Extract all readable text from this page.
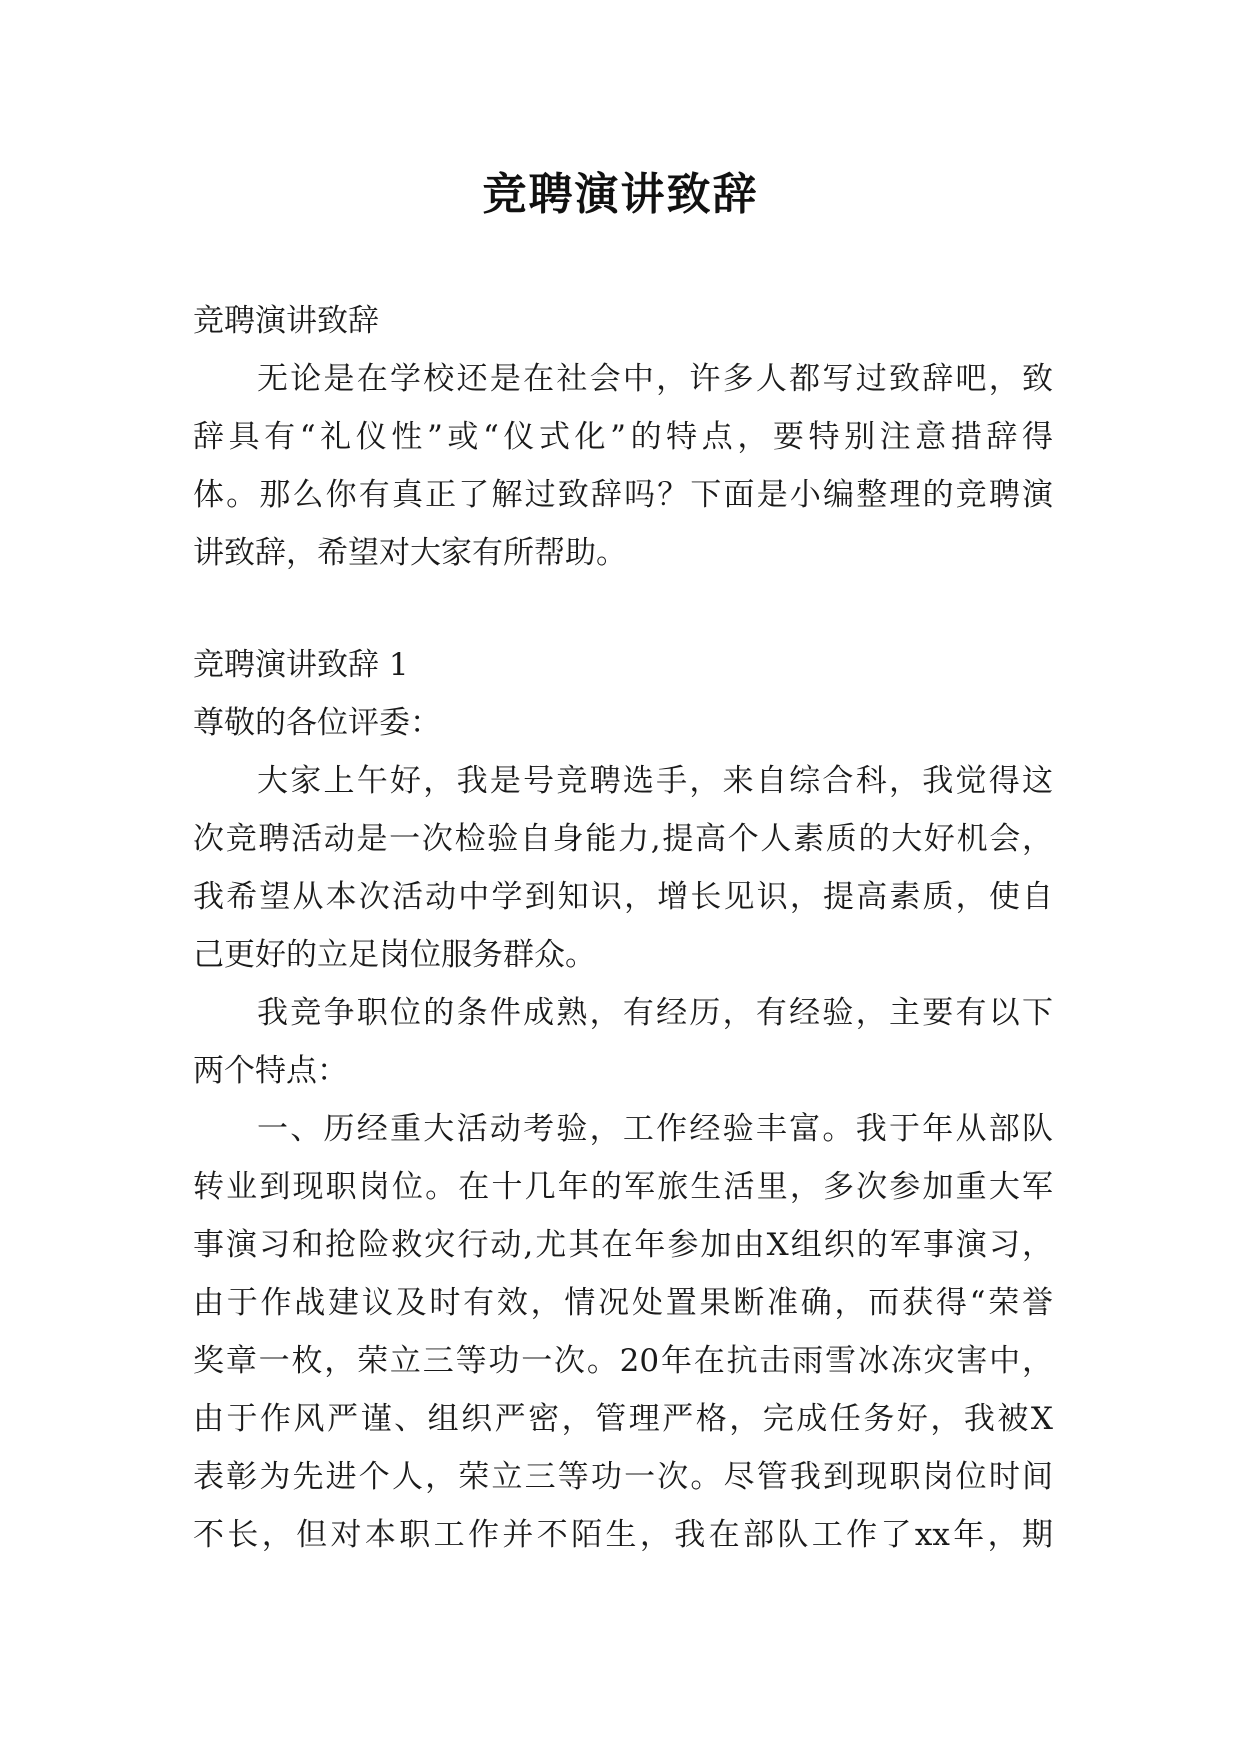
竞聘演讲致辞
竞聘演讲致辞
无论是在学校还是在社会中，许多人都写过致辞吧，致
辞具有“礼仪性”或“仪式化”的特点，要特别注意措辞得
体。那么你有真正了解过致辞吗？下面是小编整理的竞聘演
讲致辞，希望对大家有所帮助。
竞聘演讲致辞 1
尊敬的各位评委：
大家上午好，我是号竞聘选手，来自综合科，我觉得这
次竞聘活动是一次检验自身能力,提高个人素质的大好机会，
我希望从本次活动中学到知识，增长见识，提高素质，使自
己更好的立足岗位服务群众。
我竞争职位的条件成熟，有经历，有经验，主要有以下
两个特点：
一、历经重大活动考验，工作经验丰富。我于年从部队
转业到现职岗位。在十几年的军旅生活里，多次参加重大军
事演习和抢险救灾行动,尤其在年参加由X组织的军事演习，
由于作战建议及时有效，情况处置果断准确，而获得“荣誉
奖章一枚，荣立三等功一次。20年在抗击雨雪冰冻灾害中，
由于作风严谨、组织严密，管理严格，完成任务好，我被X
表彰为先进个人，荣立三等功一次。尽管我到现职岗位时间
不长，但对本职工作并不陌生，我在部队工作了xx年，期
